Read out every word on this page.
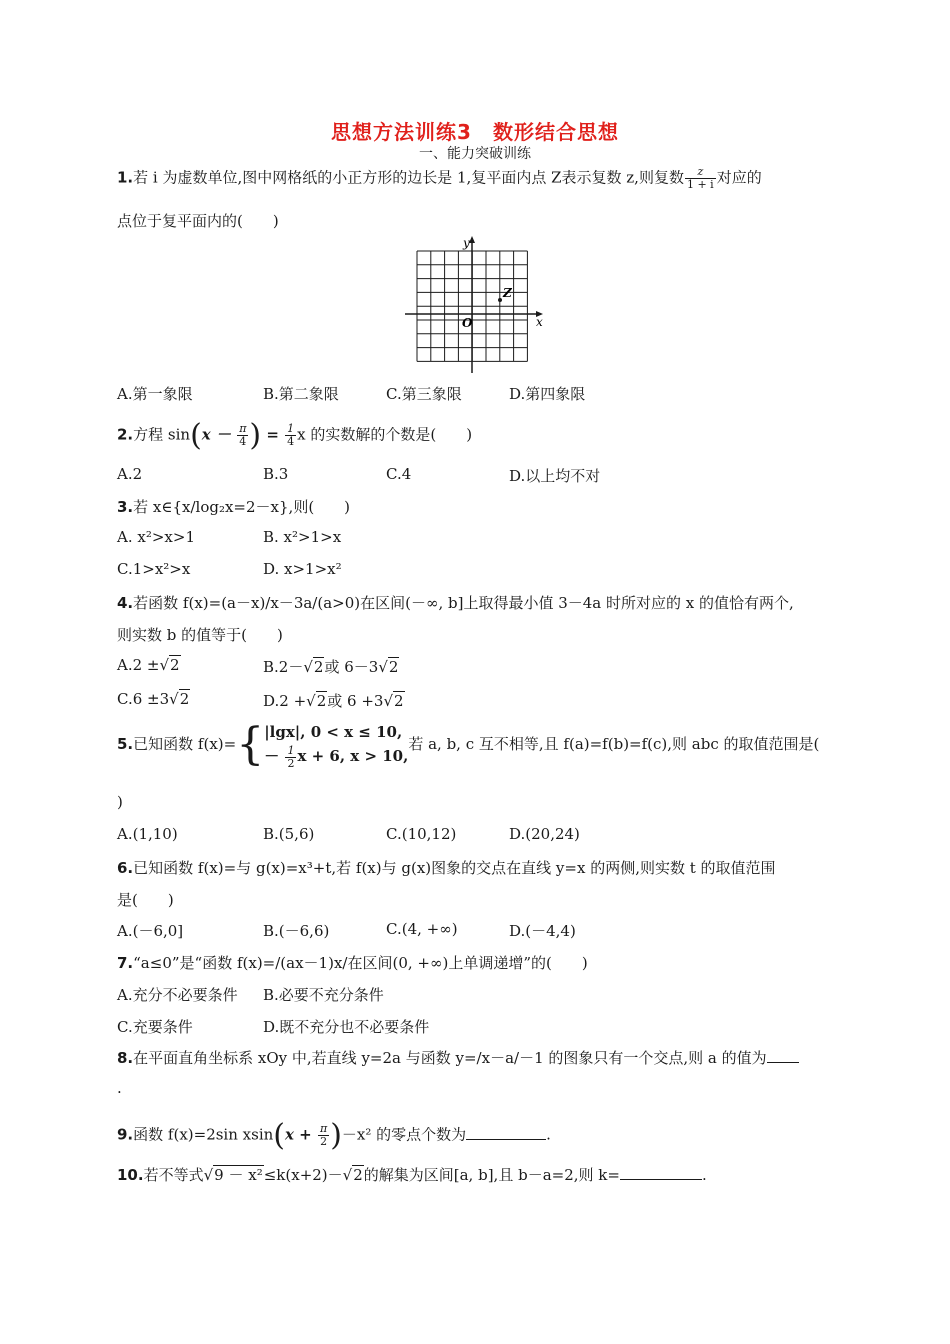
思想方法训练3　数形结合思想
一、能力突破训练
1.若 i 为虚数单位,图中网格纸的小正方形的边长是 1,复平面内点 Z表示复数 z,则复数 $\frac{z}{1 + i}$ 对应的
点位于复平面内的(　　)
y
x
O
Z
A.第一象限	B.第二象限	C.第三象限	D.第四象限
2.方程 $\sin(x - \frac{\pi}{4}$ ) = $\frac{1}{4}$ x 的实数解的个数是(　　)
A.2	B.3	C.4	D.以上均不对
3.若 x∈{x/log₂x=2－x},则(　　)
A. x²>x>1	B. x²>1>x
C.1>x²>x	D. x>1>x²
4.若函数 f(x)=(a－x)/x－3a/(a>0)在区间(－∞, b]上取得最小值 3－4a 时所对应的 x 的值恰有两个,
则实数 b 的值等于(　　)
A.2 ±√2	B.2－√2或 6－3√2
C.6 ±3√2	D.2 +√2或 6 +3√2
5.已知函数 f(x)={|lgx|, 0 < x ≤ 10,
－ $\frac{1}{2}$ x + 6, x > 10,若 a, b, c 互不相等,且 f(a)=f(b)=f(c),则 abc 的取值范围是(
)
A.(1,10)	B.(5,6)	C.(10,12)	D.(20,24)
6.已知函数 f(x)=与 g(x)=x³+t,若 f(x)与 g(x)图象的交点在直线 y=x 的两侧,则实数 t 的取值范围
是(　　)
A.(－6,0]	B.(－6,6)	C.(4, +∞)	D.(－4,4)
7.“a≤0”是“函数 f(x)=/(ax－1)x/在区间(0, +∞)上单调递增”的(　　)
A.充分不必要条件 B.必要不充分条件
C.充要条件	D.既不充分也不必要条件
8.在平面直角坐标系 xOy 中,若直线 y=2a 与函数 y=/x－a/－1 的图象只有一个交点,则 a 的值为
.
9.函数 f(x)=2sin $xsin(x + \frac{\pi}{2} )-x^2$ 的零点个数为	.
10.若不等式√9 － x²≤k(x+2)－√2的解集为区间[a, b],且 b－a=2,则 k=	.
